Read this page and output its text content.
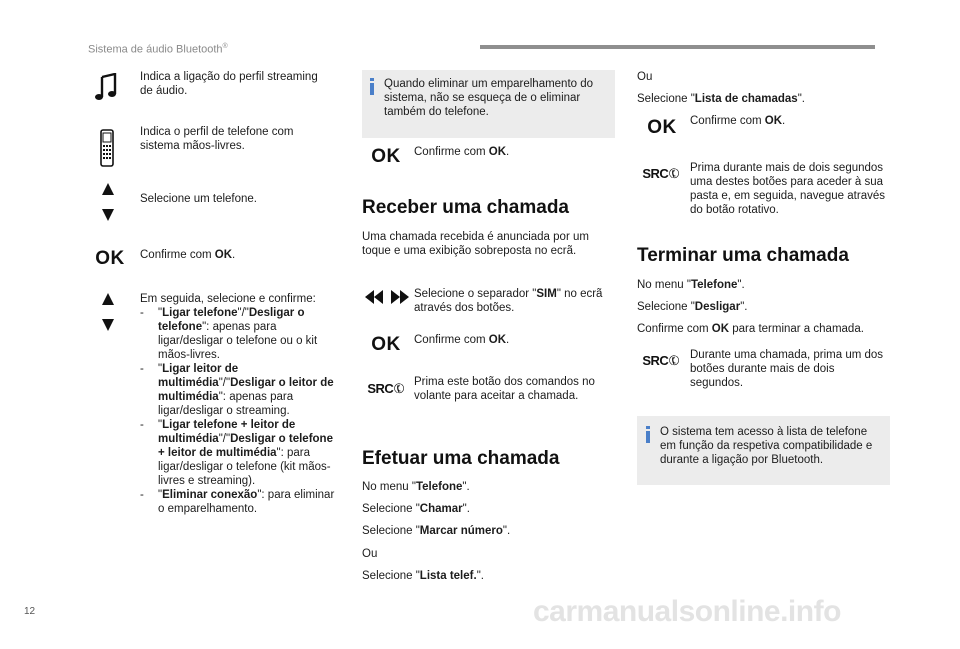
Sistema de áudio Bluetooth®
Indica a ligação do perfil streaming de áudio.
Indica o perfil de telefone com sistema mãos-livres.
Selecione um telefone.
OK Confirme com OK.
Em seguida, selecione e confirme:
- "Ligar telefone"/"Desligar o telefone": apenas para ligar/desligar o telefone ou o kit mãos-livres.
- "Ligar leitor de multimédia"/"Desligar o leitor de multimédia": apenas para ligar/desligar o streaming.
- "Ligar telefone + leitor de multimédia"/"Desligar o telefone + leitor de multimédia": para ligar/desligar o telefone (kit mãos-livres e streaming).
- "Eliminar conexão": para eliminar o emparelhamento.
Quando eliminar um emparelhamento do sistema, não se esqueça de o eliminar também do telefone.
OK Confirme com OK.
Receber uma chamada
Uma chamada recebida é anunciada por um toque e uma exibição sobreposta no ecrã.
Selecione o separador "SIM" no ecrã através dos botões.
OK Confirme com OK.
SRC
✆ Prima este botão dos comandos no volante para aceitar a chamada.
Efetuar uma chamada
No menu "Telefone".
Selecione "Chamar".
Selecione "Marcar número".
Ou
Selecione "Lista telef.".
Ou
Selecione "Lista de chamadas".
OK Confirme com OK.
SRC
✆ Prima durante mais de dois segundos uma destes botões para aceder à sua pasta e, em seguida, navegue através do botão rotativo.
Terminar uma chamada
No menu "Telefone".
Selecione "Desligar".
Confirme com OK para terminar a chamada.
SRC
✆ Durante uma chamada, prima um dos botões durante mais de dois segundos.
O sistema tem acesso à lista de telefone em função da respetiva compatibilidade e durante a ligação por Bluetooth.
12	carmanualsonline.info
